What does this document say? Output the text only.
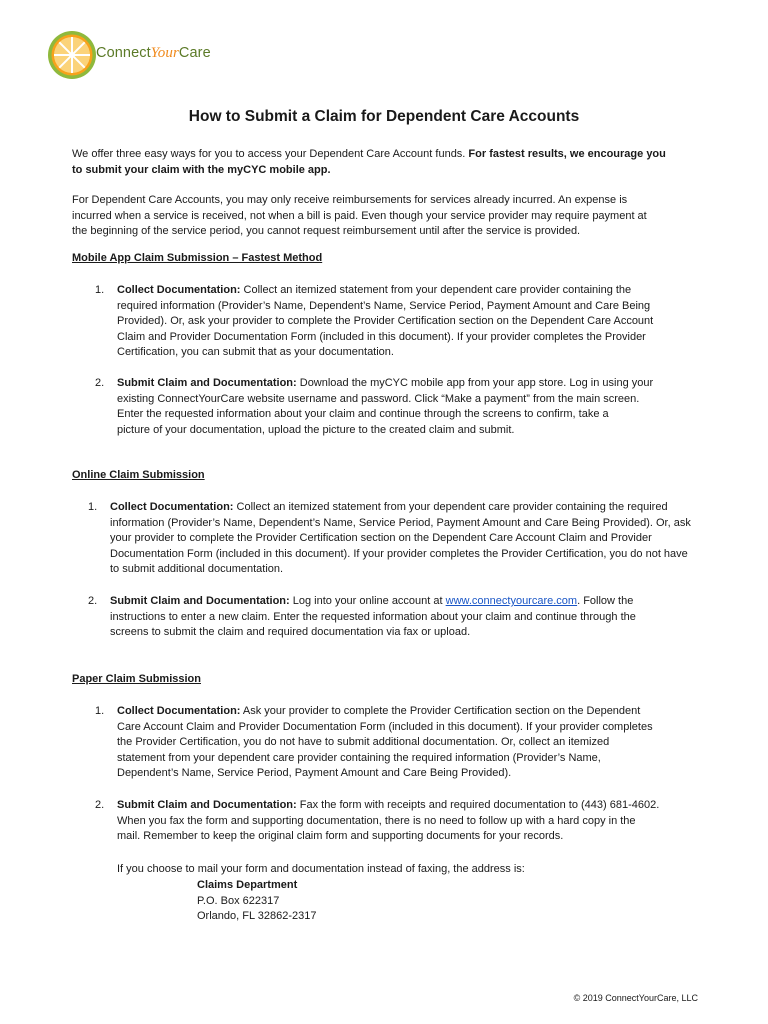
ConnectYourCare
How to Submit a Claim for Dependent Care Accounts
We offer three easy ways for you to access your Dependent Care Account funds. For fastest results, we encourage you
to submit your claim with the myCYC mobile app.
For Dependent Care Accounts, you may only receive reimbursements for services already incurred. An expense is
incurred when a service is received, not when a bill is paid. Even though your service provider may require payment at
the beginning of the service period, you cannot request reimbursement until after the service is provided.
Mobile App Claim Submission – Fastest Method
1. Collect Documentation: Collect an itemized statement from your dependent care provider containing the
required information (Provider’s Name, Dependent’s Name, Service Period, Payment Amount and Care Being
Provided). Or, ask your provider to complete the Provider Certification section on the Dependent Care Account
Claim and Provider Documentation Form (included in this document). If your provider completes the Provider
Certification, you can submit that as your documentation.
2. Submit Claim and Documentation: Download the myCYC mobile app from your app store. Log in using your
existing ConnectYourCare website username and password. Click “Make a payment” from the main screen.
Enter the requested information about your claim and continue through the screens to confirm, take a
picture of your documentation, upload the picture to the created claim and submit.
Online Claim Submission
1. Collect Documentation: Collect an itemized statement from your dependent care provider containing the required
information (Provider’s Name, Dependent’s Name, Service Period, Payment Amount and Care Being Provided). Or, ask
your provider to complete the Provider Certification section on the Dependent Care Account Claim and Provider
Documentation Form (included in this document). If your provider completes the Provider Certification, you do not have
to submit additional documentation.
2. Submit Claim and Documentation: Log into your online account at www.connectyourcare.com. Follow the
instructions to enter a new claim. Enter the requested information about your claim and continue through the
screens to submit the claim and required documentation via fax or upload.
Paper Claim Submission
1. Collect Documentation: Ask your provider to complete the Provider Certification section on the Dependent
Care Account Claim and Provider Documentation Form (included in this document). If your provider completes
the Provider Certification, you do not have to submit additional documentation. Or, collect an itemized
statement from your dependent care provider containing the required information (Provider’s Name,
Dependent’s Name, Service Period, Payment Amount and Care Being Provided).
2. Submit Claim and Documentation: Fax the form with receipts and required documentation to (443) 681-4602.
When you fax the form and supporting documentation, there is no need to follow up with a hard copy in the
mail. Remember to keep the original claim form and supporting documents for your records.
If you choose to mail your form and documentation instead of faxing, the address is:
Claims Department
P.O. Box 622317
Orlando, FL 32862-2317
© 2019 ConnectYourCare, LLC
